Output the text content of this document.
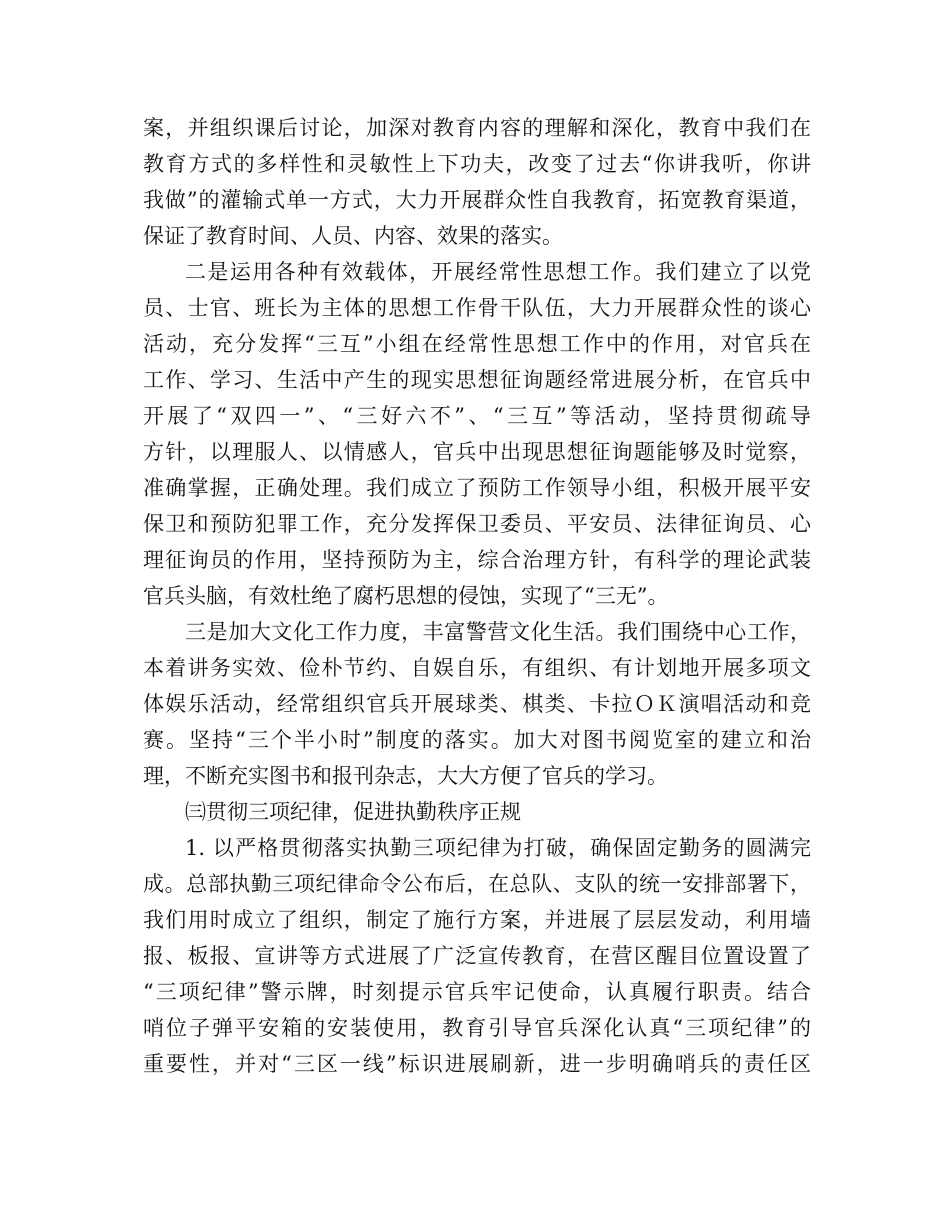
案，并组织课后讨论，加深对教育内容的理解和深化，教育中我们在
教育方式的多样性和灵敏性上下功夫，改变了过去“你讲我听，你讲
我做”的灌输式单一方式，大力开展群众性自我教育，拓宽教育渠道，
保证了教育时间、人员、内容、效果的落实。
二是运用各种有效载体，开展经常性思想工作。我们建立了以党
员、士官、班长为主体的思想工作骨干队伍，大力开展群众性的谈心
活动，充分发挥“三互”小组在经常性思想工作中的作用，对官兵在
工作、学习、生活中产生的现实思想征询题经常进展分析，在官兵中
开展了“双四一”、“三好六不”、“三互”等活动，坚持贯彻疏导
方针，以理服人、以情感人，官兵中出现思想征询题能够及时觉察，
准确掌握，正确处理。我们成立了预防工作领导小组，积极开展平安
保卫和预防犯罪工作，充分发挥保卫委员、平安员、法律征询员、心
理征询员的作用，坚持预防为主，综合治理方针，有科学的理论武装
官兵头脑，有效杜绝了腐朽思想的侵蚀，实现了“三无”。
三是加大文化工作力度，丰富警营文化生活。我们围绕中心工作，
本着讲务实效、俭朴节约、自娱自乐，有组织、有计划地开展多项文
体娱乐活动，经常组织官兵开展球类、棋类、卡拉ＯＫ演唱活动和竞
赛。坚持“三个半小时”制度的落实。加大对图书阅览室的建立和治
理，不断充实图书和报刊杂志，大大方便了官兵的学习。
㈢贯彻三项纪律，促进执勤秩序正规
1. 以严格贯彻落实执勤三项纪律为打破，确保固定勤务的圆满完
成。总部执勤三项纪律命令公布后，在总队、支队的统一安排部署下，
我们用时成立了组织，制定了施行方案，并进展了层层发动，利用墙
报、板报、宣讲等方式进展了广泛宣传教育，在营区醒目位置设置了
“三项纪律”警示牌，时刻提示官兵牢记使命，认真履行职责。结合
哨位子弹平安箱的安装使用，教育引导官兵深化认真“三项纪律”的
重要性，并对“三区一线”标识进展刷新，进一步明确哨兵的责任区
